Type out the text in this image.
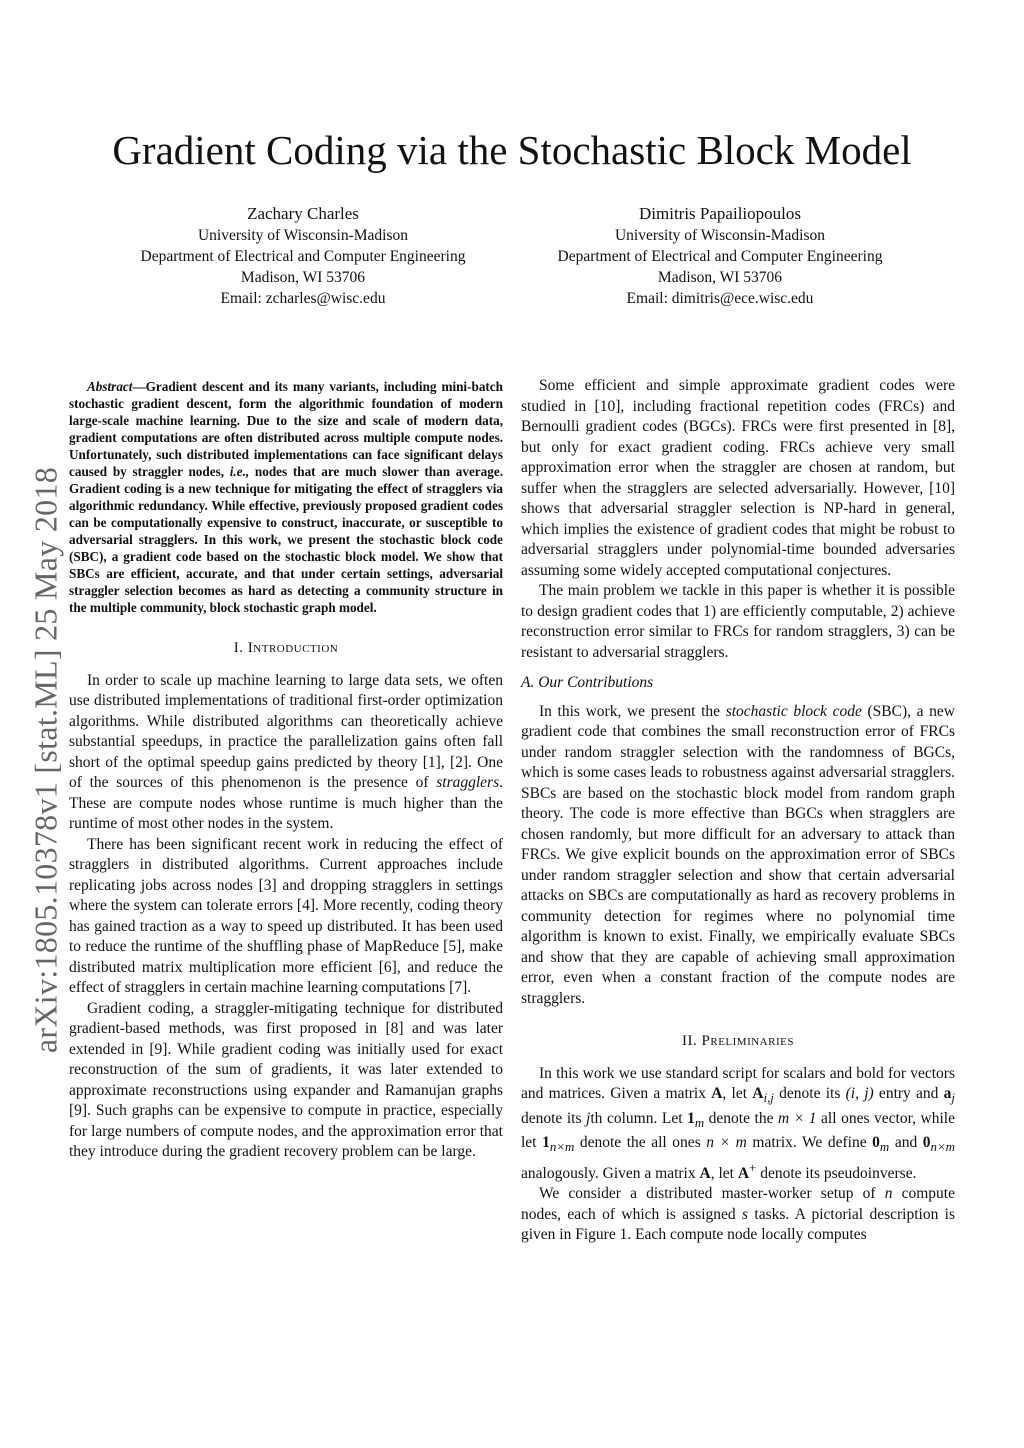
arXiv:1805.10378v1 [stat.ML] 25 May 2018
Gradient Coding via the Stochastic Block Model
Zachary Charles
University of Wisconsin-Madison
Department of Electrical and Computer Engineering
Madison, WI 53706
Email: zcharles@wisc.edu
Dimitris Papailiopoulos
University of Wisconsin-Madison
Department of Electrical and Computer Engineering
Madison, WI 53706
Email: dimitris@ece.wisc.edu

Abstract—Gradient descent and its many variants, including mini-batch stochastic gradient descent, form the algorithmic foundation of modern large-scale machine learning. Due to the size and scale of modern data, gradient computations are often distributed across multiple compute nodes. Unfortunately, such distributed implementations can face significant delays caused by straggler nodes, i.e., nodes that are much slower than average. Gradient coding is a new technique for mitigating the effect of stragglers via algorithmic redundancy. While effective, previously proposed gradient codes can be computationally expensive to construct, inaccurate, or susceptible to adversarial stragglers. In this work, we present the stochastic block code (SBC), a gradient code based on the stochastic block model. We show that SBCs are efficient, accurate, and that under certain settings, adversarial straggler selection becomes as hard as detecting a community structure in the multiple community, block stochastic graph model.

I. Introduction

In order to scale up machine learning to large data sets, we often use distributed implementations of traditional first-order optimization algorithms. While distributed algorithms can theoretically achieve substantial speedups, in practice the parallelization gains often fall short of the optimal speedup gains predicted by theory [1], [2]. One of the sources of this phenomenon is the presence of stragglers. These are compute nodes whose runtime is much higher than the runtime of most other nodes in the system.

There has been significant recent work in reducing the effect of stragglers in distributed algorithms. Current approaches include replicating jobs across nodes [3] and dropping stragglers in settings where the system can tolerate errors [4]. More recently, coding theory has gained traction as a way to speed up distributed. It has been used to reduce the runtime of the shuffling phase of MapReduce [5], make distributed matrix multiplication more efficient [6], and reduce the effect of stragglers in certain machine learning computations [7].

Gradient coding, a straggler-mitigating technique for distributed gradient-based methods, was first proposed in [8] and was later extended in [9]. While gradient coding was initially used for exact reconstruction of the sum of gradients, it was later extended to approximate reconstructions using expander and Ramanujan graphs [9]. Such graphs can be expensive to compute in practice, especially for large numbers of compute nodes, and the approximation error that they introduce during the gradient recovery problem can be large.

Some efficient and simple approximate gradient codes were studied in [10], including fractional repetition codes (FRCs) and Bernoulli gradient codes (BGCs). FRCs were first presented in [8], but only for exact gradient coding. FRCs achieve very small approximation error when the straggler are chosen at random, but suffer when the stragglers are selected adversarially. However, [10] shows that adversarial straggler selection is NP-hard in general, which implies the existence of gradient codes that might be robust to adversarial stragglers under polynomial-time bounded adversaries assuming some widely accepted computational conjectures.

The main problem we tackle in this paper is whether it is possible to design gradient codes that 1) are efficiently computable, 2) achieve reconstruction error similar to FRCs for random stragglers, 3) can be resistant to adversarial stragglers.

A. Our Contributions

In this work, we present the stochastic block code (SBC), a new gradient code that combines the small reconstruction error of FRCs under random straggler selection with the randomness of BGCs, which is some cases leads to robustness against adversarial stragglers. SBCs are based on the stochastic block model from random graph theory. The code is more effective than BGCs when stragglers are chosen randomly, but more difficult for an adversary to attack than FRCs. We give explicit bounds on the approximation error of SBCs under random straggler selection and show that certain adversarial attacks on SBCs are computationally as hard as recovery problems in community detection for regimes where no polynomial time algorithm is known to exist. Finally, we empirically evaluate SBCs and show that they are capable of achieving small approximation error, even when a constant fraction of the compute nodes are stragglers.

II. Preliminaries

In this work we use standard script for scalars and bold for vectors and matrices. Given a matrix A, let $A_{i,j}$ denote its (i, j) entry and $a_j$ denote its jth column. Let $1_m$ denote the m × 1 all ones vector, while let $1_{n\times m}$ denote the all ones n × m matrix. We define $0_m$ and $0_{n\times m}$ analogously. Given a matrix A, let A+ denote its pseudoinverse.

We consider a distributed master-worker setup of n compute nodes, each of which is assigned s tasks. A pictorial description is given in Figure 1. Each compute node locally computes
